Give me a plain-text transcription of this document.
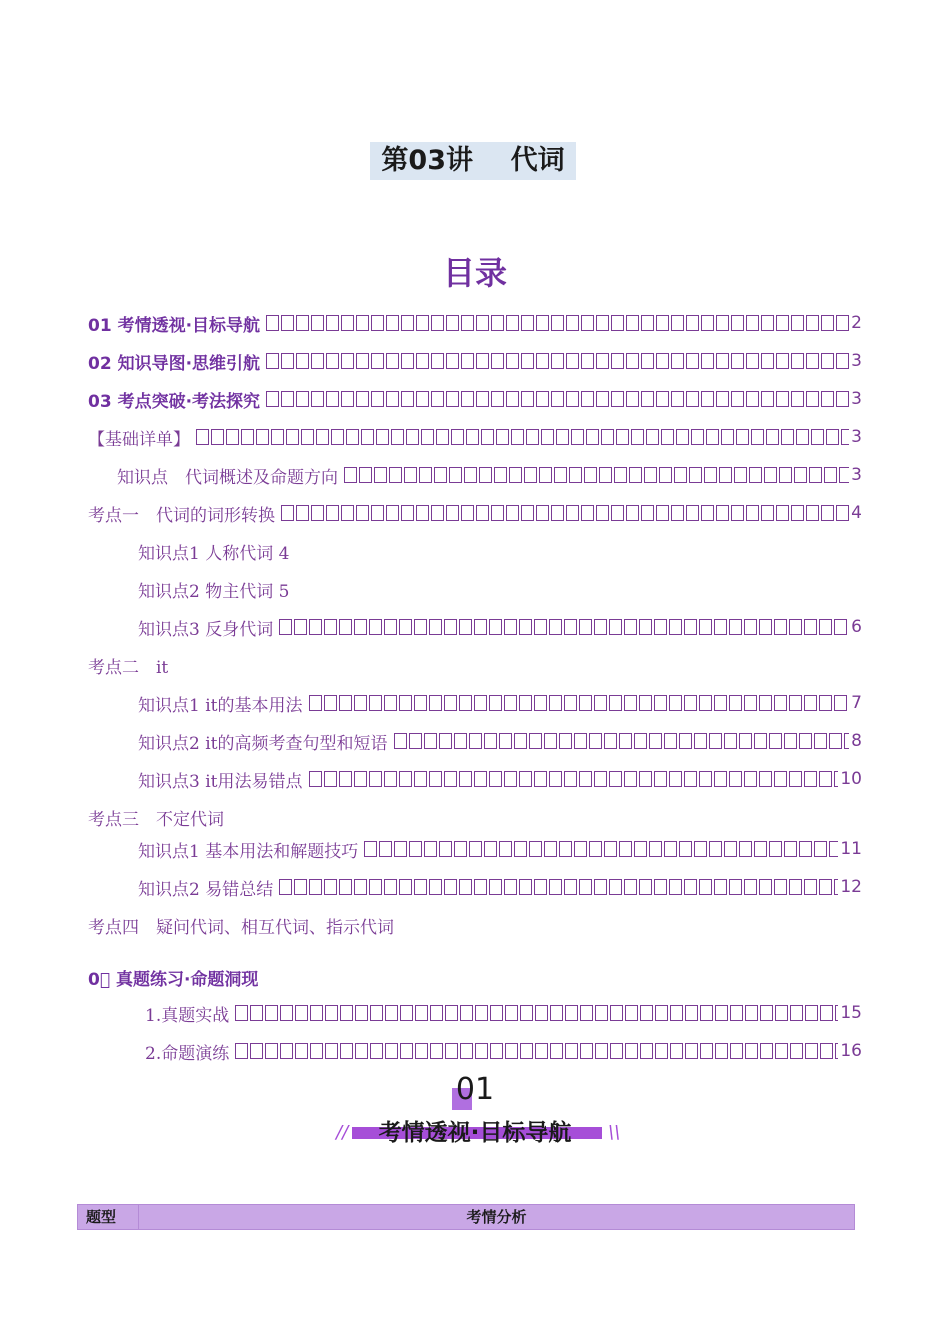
第03讲    代词
目录
01 考情透视·目标导航	2
02 知识导图·思维引航	3
03 考点突破·考法探究	3
【基础详单】	3
知识点　代词概述及命题方向	3
考点一　代词的词形转换	4
知识点1 人称代词 4
知识点2 物主代词 5
知识点3 反身代词	6
考点二　it
知识点1 it的基本用法	7
知识点2 it的高频考查句型和短语	8
知识点3 it用法易错点	10
考点三　不定代词
知识点1 基本用法和解题技巧	11
知识点2 易错总结	12
考点四　疑问代词、相互代词、指示代词
0􀀀 真题练习·命题洞现
1.真题实战	15
2.命题演练	16
01
//	考情透视·目标导航	\\
题型	考情分析
